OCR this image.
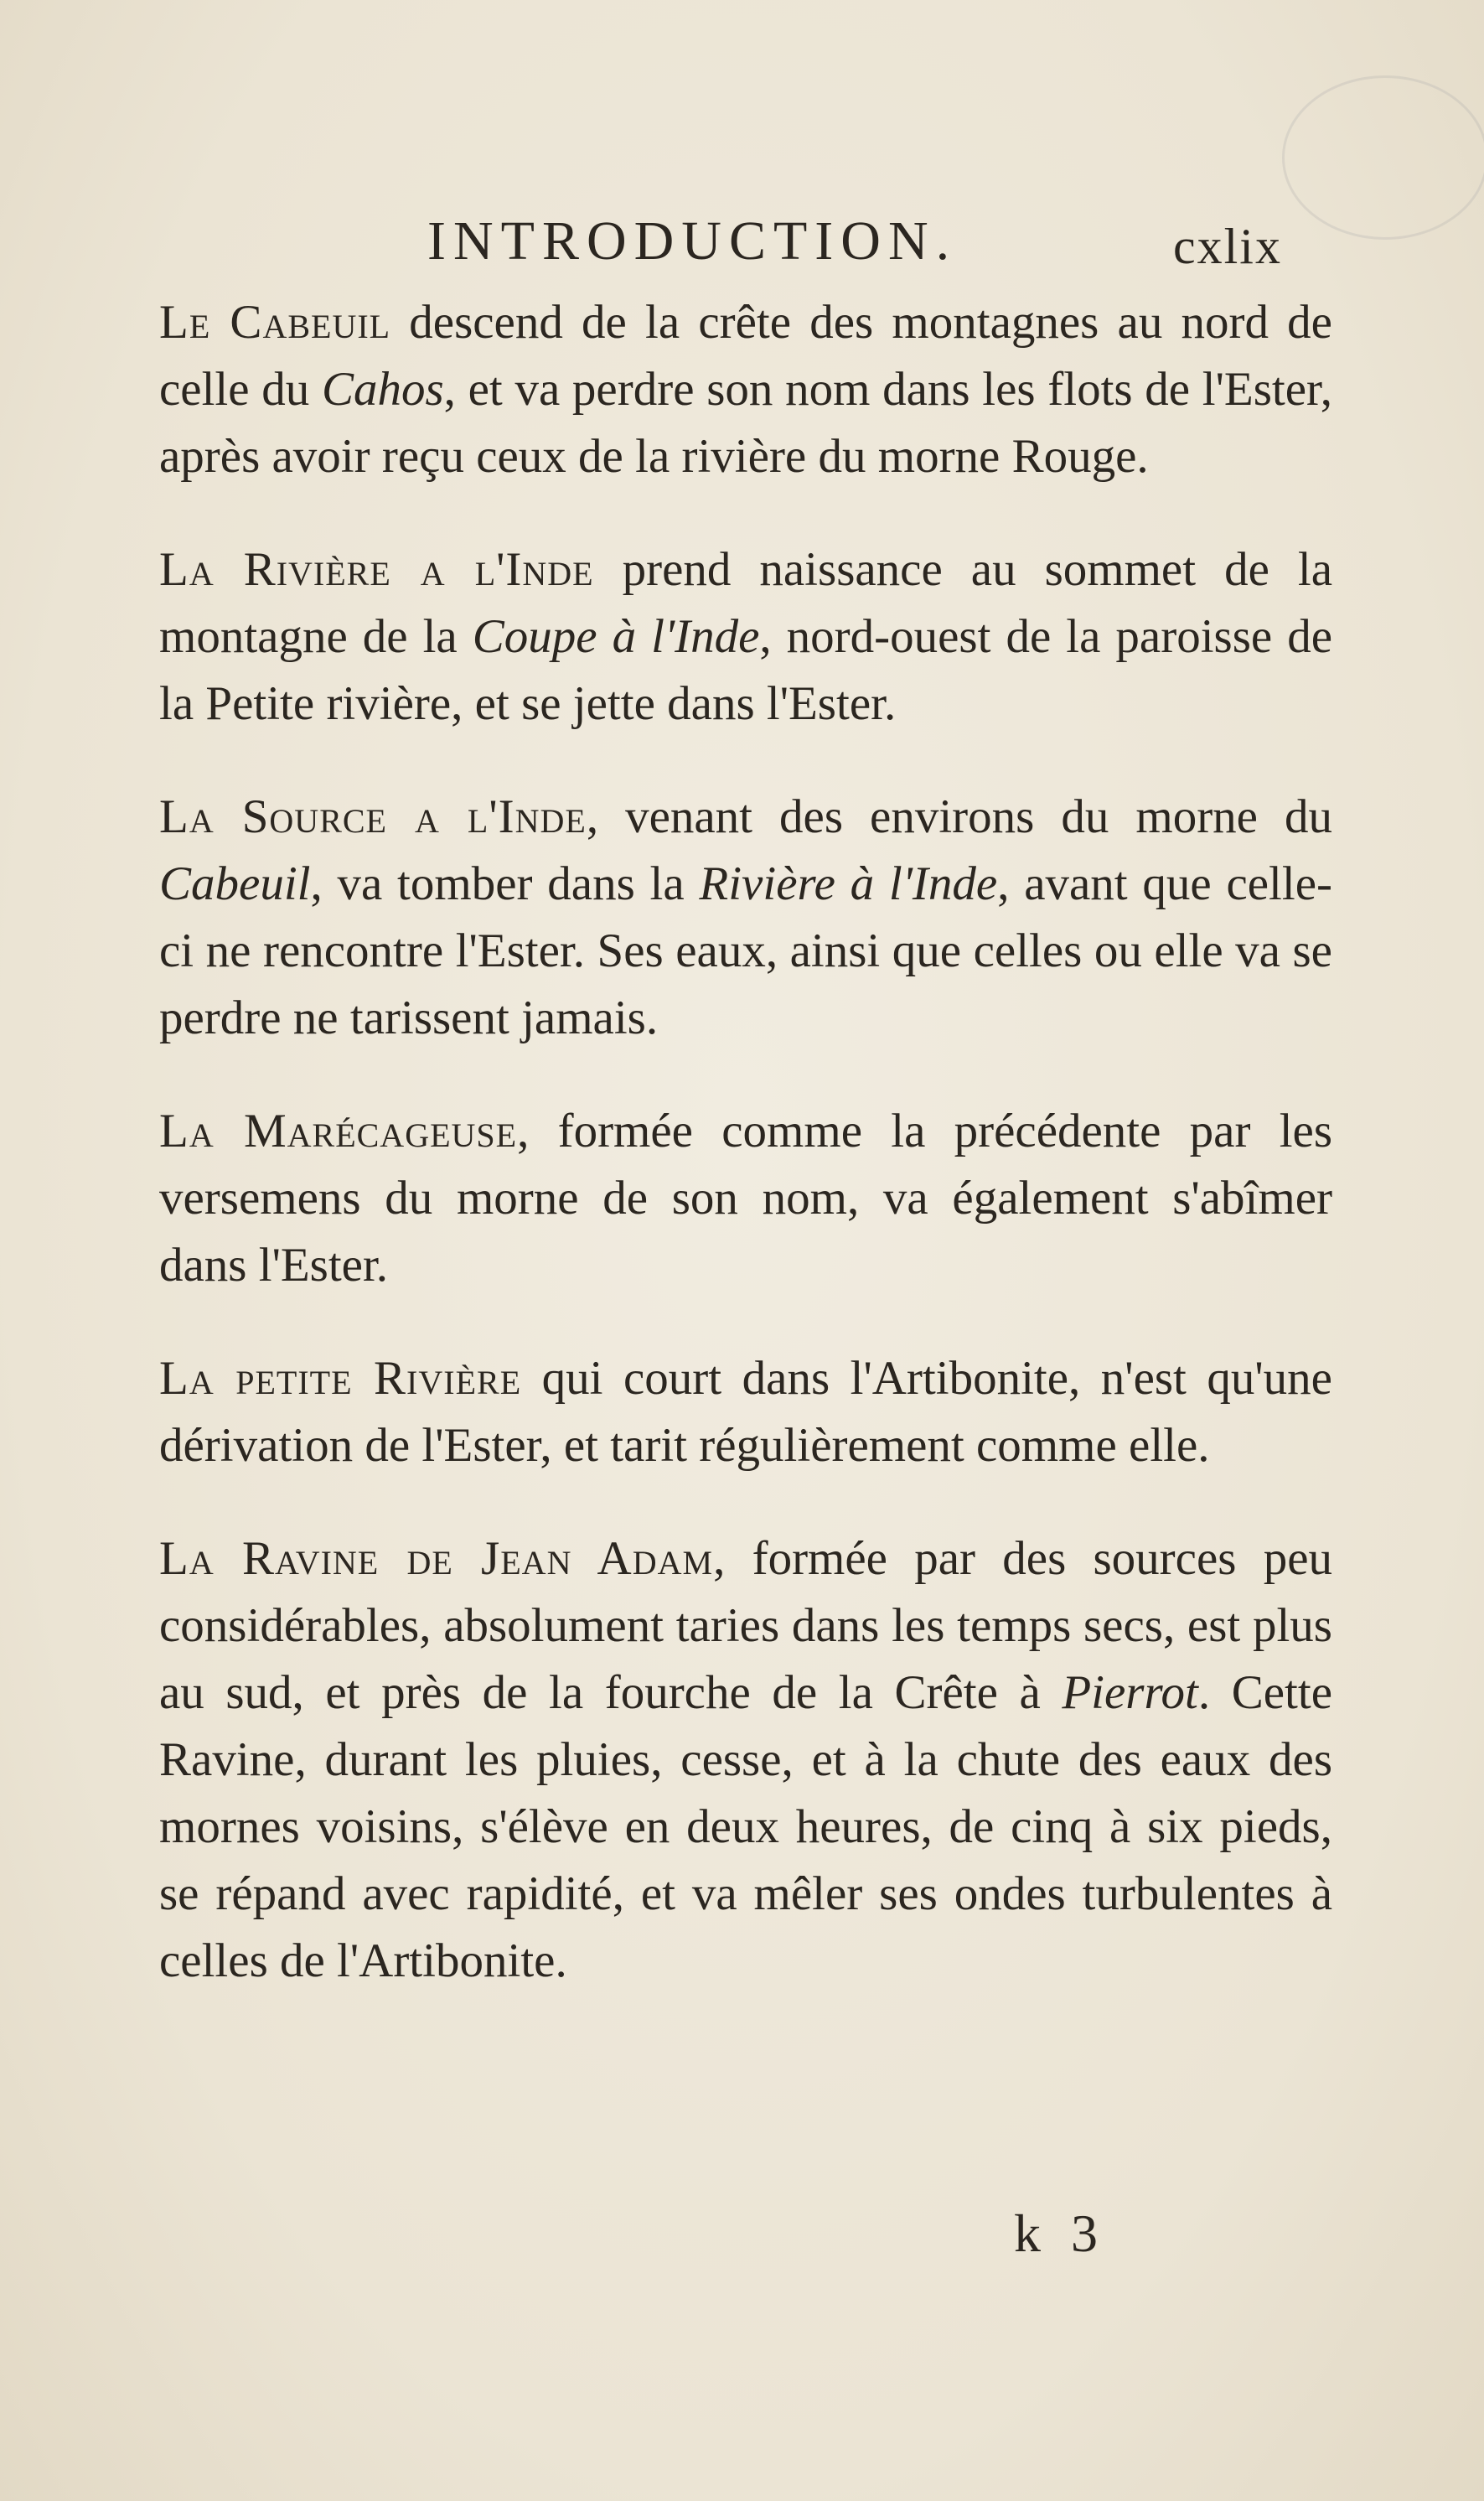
INTRODUCTION.	cxlix

Le Cabeuil descend de la crête des montagnes au nord de celle du Cahos, et va perdre son nom dans les flots de l'Ester, après avoir reçu ceux de la rivière du morne Rouge.

La Rivière a l'Inde prend naissance au sommet de la montagne de la Coupe à l'Inde, nord-ouest de la paroisse de la Petite rivière, et se jette dans l'Ester.

La Source a l'Inde, venant des environs du morne du Cabeuil, va tomber dans la Rivière à l'Inde, avant que celle-ci ne rencontre l'Ester. Ses eaux, ainsi que celles ou elle va se perdre ne tarissent jamais.

La Marécageuse, formée comme la précédente par les versemens du morne de son nom, va également s'abîmer dans l'Ester.

La petite Rivière qui court dans l'Artibonite, n'est qu'une dérivation de l'Ester, et tarit régulièrement comme elle.

La Ravine de Jean Adam, formée par des sources peu considérables, absolument taries dans les temps secs, est plus au sud, et près de la fourche de la Crête à Pierrot. Cette Ravine, durant les pluies, cesse, et à la chute des eaux des mornes voisins, s'élève en deux heures, de cinq à six pieds, se répand avec rapidité, et va mêler ses ondes turbulentes à celles de l'Artibonite.

k 3
